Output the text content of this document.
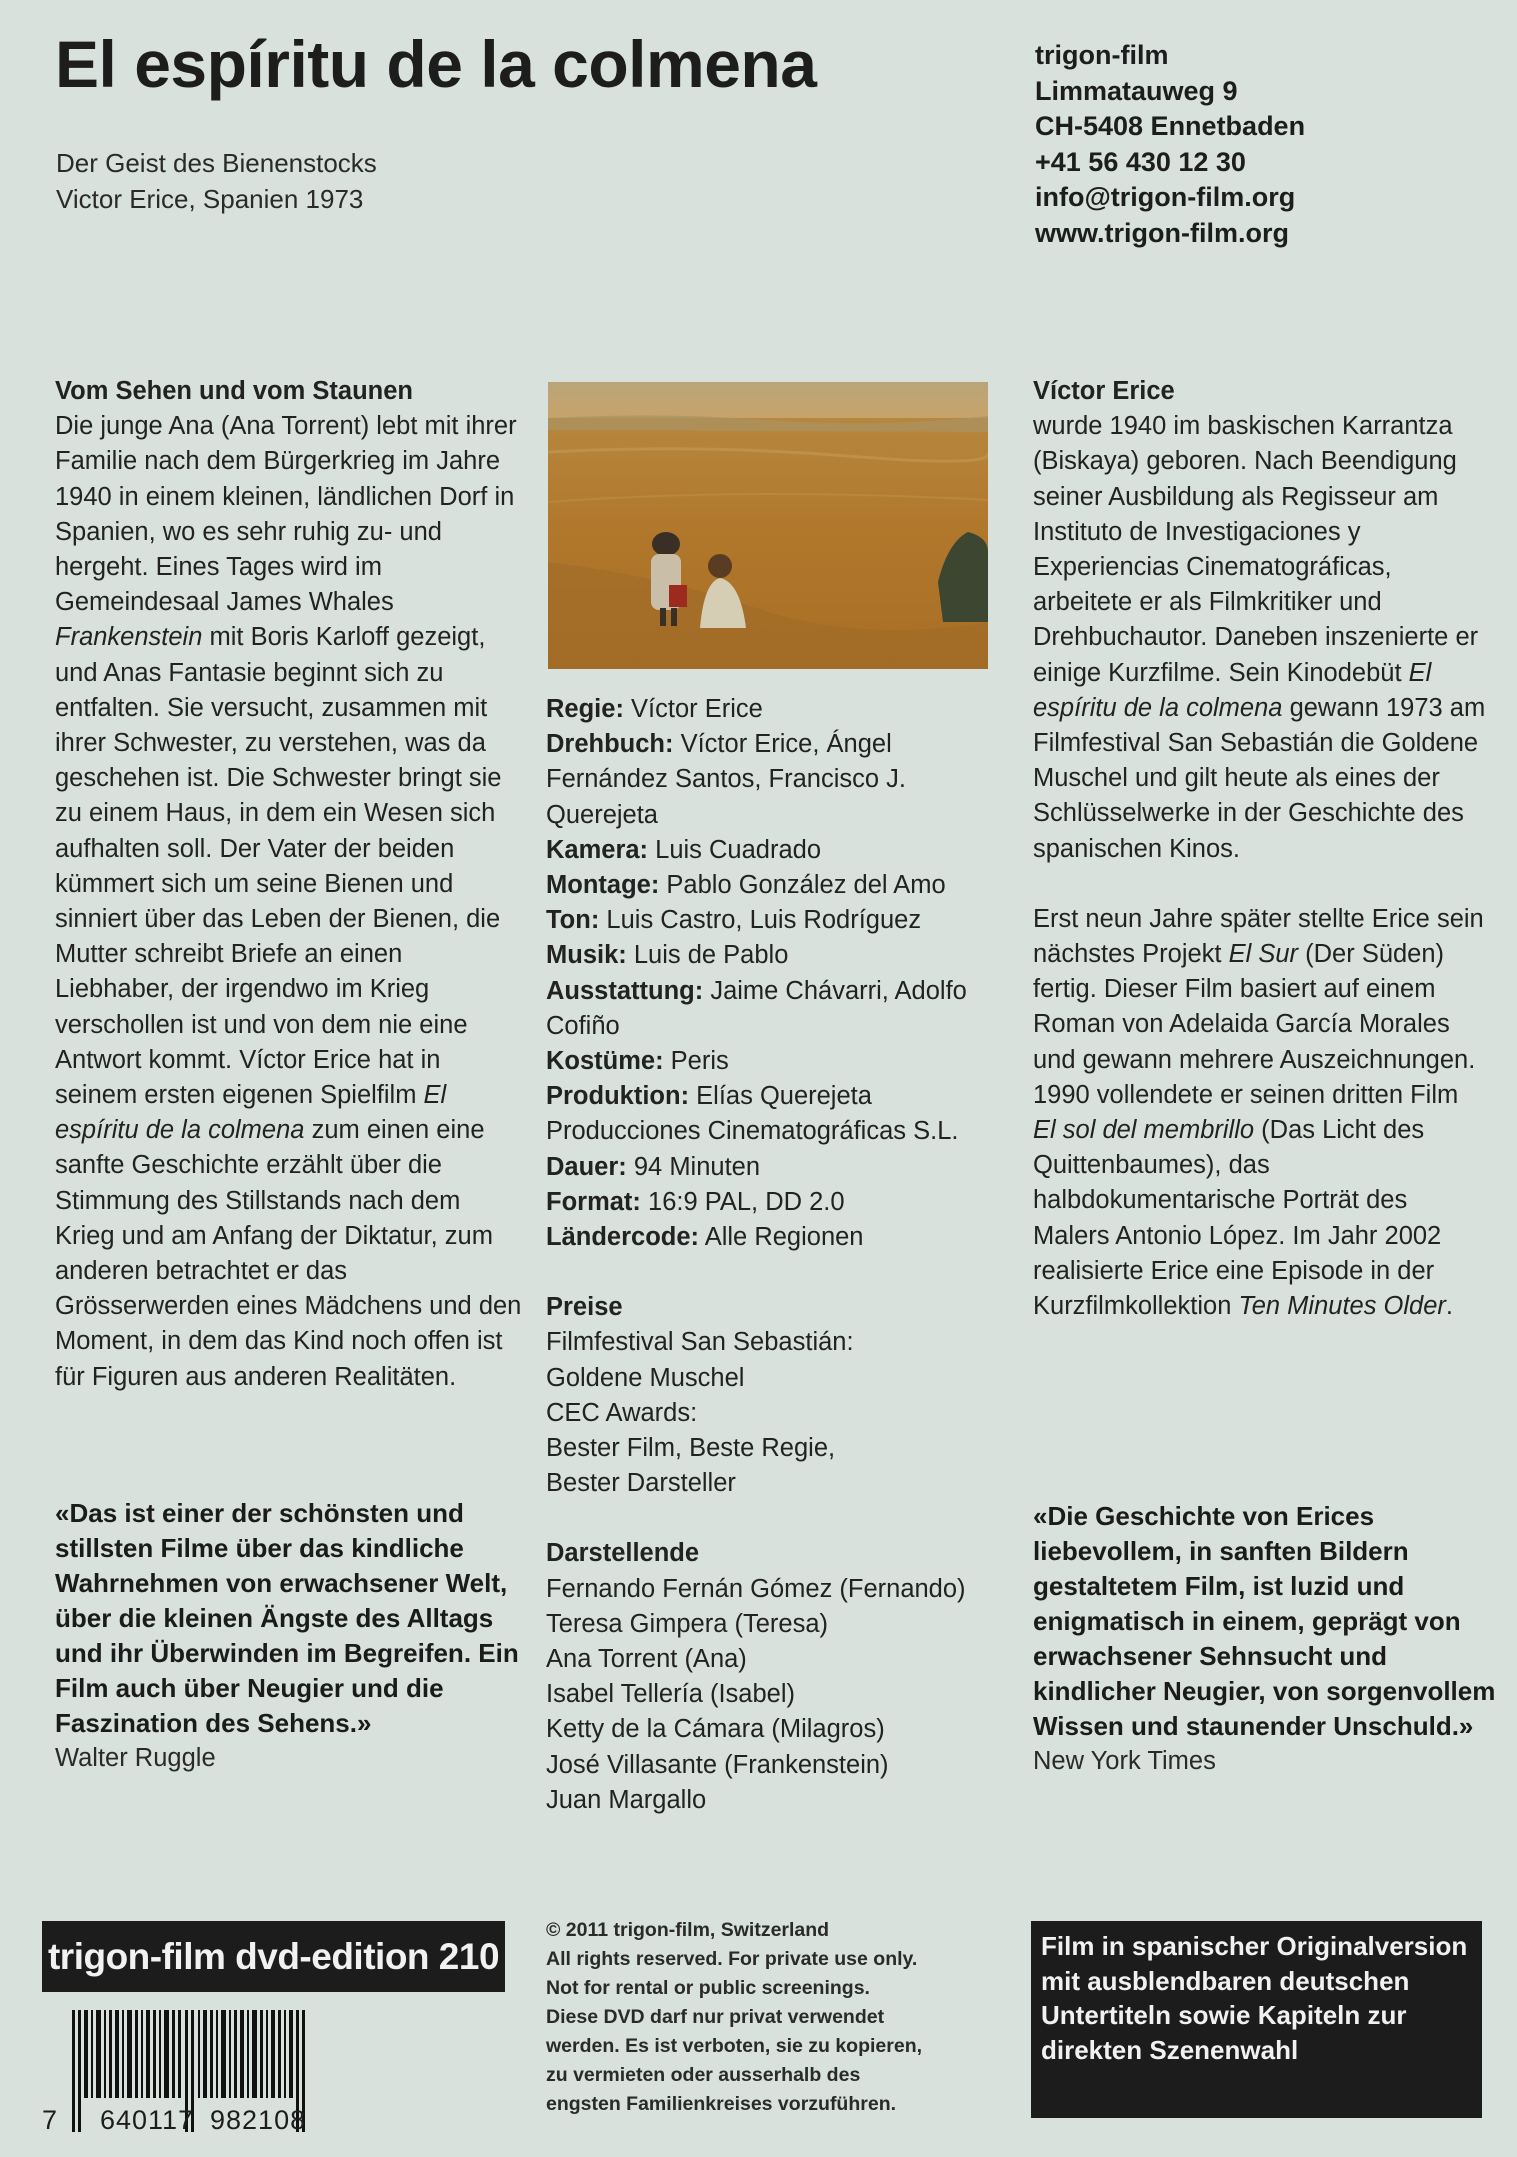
El espíritu de la colmena
Der Geist des Bienenstocks
Victor Erice, Spanien 1973
trigon-film
Limmatauweg 9
CH-5408 Ennetbaden
+41 56 430 12 30
info@trigon-film.org
www.trigon-film.org
Vom Sehen und vom Staunen
Die junge Ana (Ana Torrent) lebt mit ihrer Familie nach dem Bürgerkrieg im Jahre 1940 in einem kleinen, ländlichen Dorf in Spanien, wo es sehr ruhig zu- und hergeht. Eines Tages wird im Gemeindesaal James Whales Frankenstein mit Boris Karloff gezeigt, und Anas Fantasie beginnt sich zu entfalten. Sie versucht, zusammen mit ihrer Schwester, zu verstehen, was da geschehen ist. Die Schwester bringt sie zu einem Haus, in dem ein Wesen sich aufhalten soll. Der Vater der beiden kümmert sich um seine Bienen und sinniert über das Leben der Bienen, die Mutter schreibt Briefe an einen Liebhaber, der irgendwo im Krieg verschollen ist und von dem nie eine Antwort kommt. Víctor Erice hat in seinem ersten eigenen Spielfilm El espíritu de la colmena zum einen eine sanfte Geschichte erzählt über die Stimmung des Stillstands nach dem Krieg und am Anfang der Diktatur, zum anderen betrachtet er das Grösserwerden eines Mädchens und den Moment, in dem das Kind noch offen ist für Figuren aus anderen Realitäten.
«Das ist einer der schönsten und stillsten Filme über das kindliche Wahrnehmen von erwachsener Welt, über die kleinen Ängste des Alltags und ihr Überwinden im Begreifen. Ein Film auch über Neugier und die Faszination des Sehens.»
Walter Ruggle
Regie: Víctor Erice
Drehbuch: Víctor Erice, Ángel Fernández Santos, Francisco J. Querejeta
Kamera: Luis Cuadrado
Montage: Pablo González del Amo
Ton: Luis Castro, Luis Rodríguez
Musik: Luis de Pablo
Ausstattung: Jaime Chávarri, Adolfo Cofiño
Kostüme: Peris
Produktion: Elías Querejeta Producciones Cinematográficas S.L.
Dauer: 94 Minuten
Format: 16:9 PAL, DD 2.0
Ländercode: Alle Regionen
Preise
Filmfestival San Sebastián:
Goldene Muschel
CEC Awards:
Bester Film, Beste Regie,
Bester Darsteller
Darstellende
Fernando Fernán Gómez (Fernando)
Teresa Gimpera (Teresa)
Ana Torrent (Ana)
Isabel Tellería (Isabel)
Ketty de la Cámara (Milagros)
José Villasante (Frankenstein)
Juan Margallo
Víctor Erice
wurde 1940 im baskischen Karrantza (Biskaya) geboren. Nach Beendigung seiner Ausbildung als Regisseur am Instituto de Investigaciones y Experiencias Cinematográficas, arbeitete er als Filmkritiker und Drehbuchautor. Daneben inszenierte er einige Kurzfilme. Sein Kinodebüt El espíritu de la colmena gewann 1973 am Filmfestival San Sebastián die Goldene Muschel und gilt heute als eines der Schlüsselwerke in der Geschichte des spanischen Kinos.
Erst neun Jahre später stellte Erice sein nächstes Projekt El Sur (Der Süden) fertig. Dieser Film basiert auf einem Roman von Adelaida García Morales und gewann mehrere Auszeichnungen. 1990 vollendete er seinen dritten Film El sol del membrillo (Das Licht des Quittenbaumes), das halbdokumentarische Porträt des Malers Antonio López. Im Jahr 2002 realisierte Erice eine Episode in der Kurzfilmkollektion Ten Minutes Older.
«Die Geschichte von Erices liebevollem, in sanften Bildern gestaltetem Film, ist luzid und enigmatisch in einem, geprägt von erwachsener Sehnsucht und kindlicher Neugier, von sorgenvollem Wissen und staunender Unschuld.»
New York Times
trigon-film dvd-edition 210
7 640117 982108
© 2011 trigon-film, Switzerland
All rights reserved. For private use only.
Not for rental or public screenings.
Diese DVD darf nur privat verwendet
werden. Es ist verboten, sie zu kopieren,
zu vermieten oder ausserhalb des
engsten Familienkreises vorzuführen.
Film in spanischer Originalversion mit ausblendbaren deutschen Untertiteln sowie Kapiteln zur direkten Szenenwahl
